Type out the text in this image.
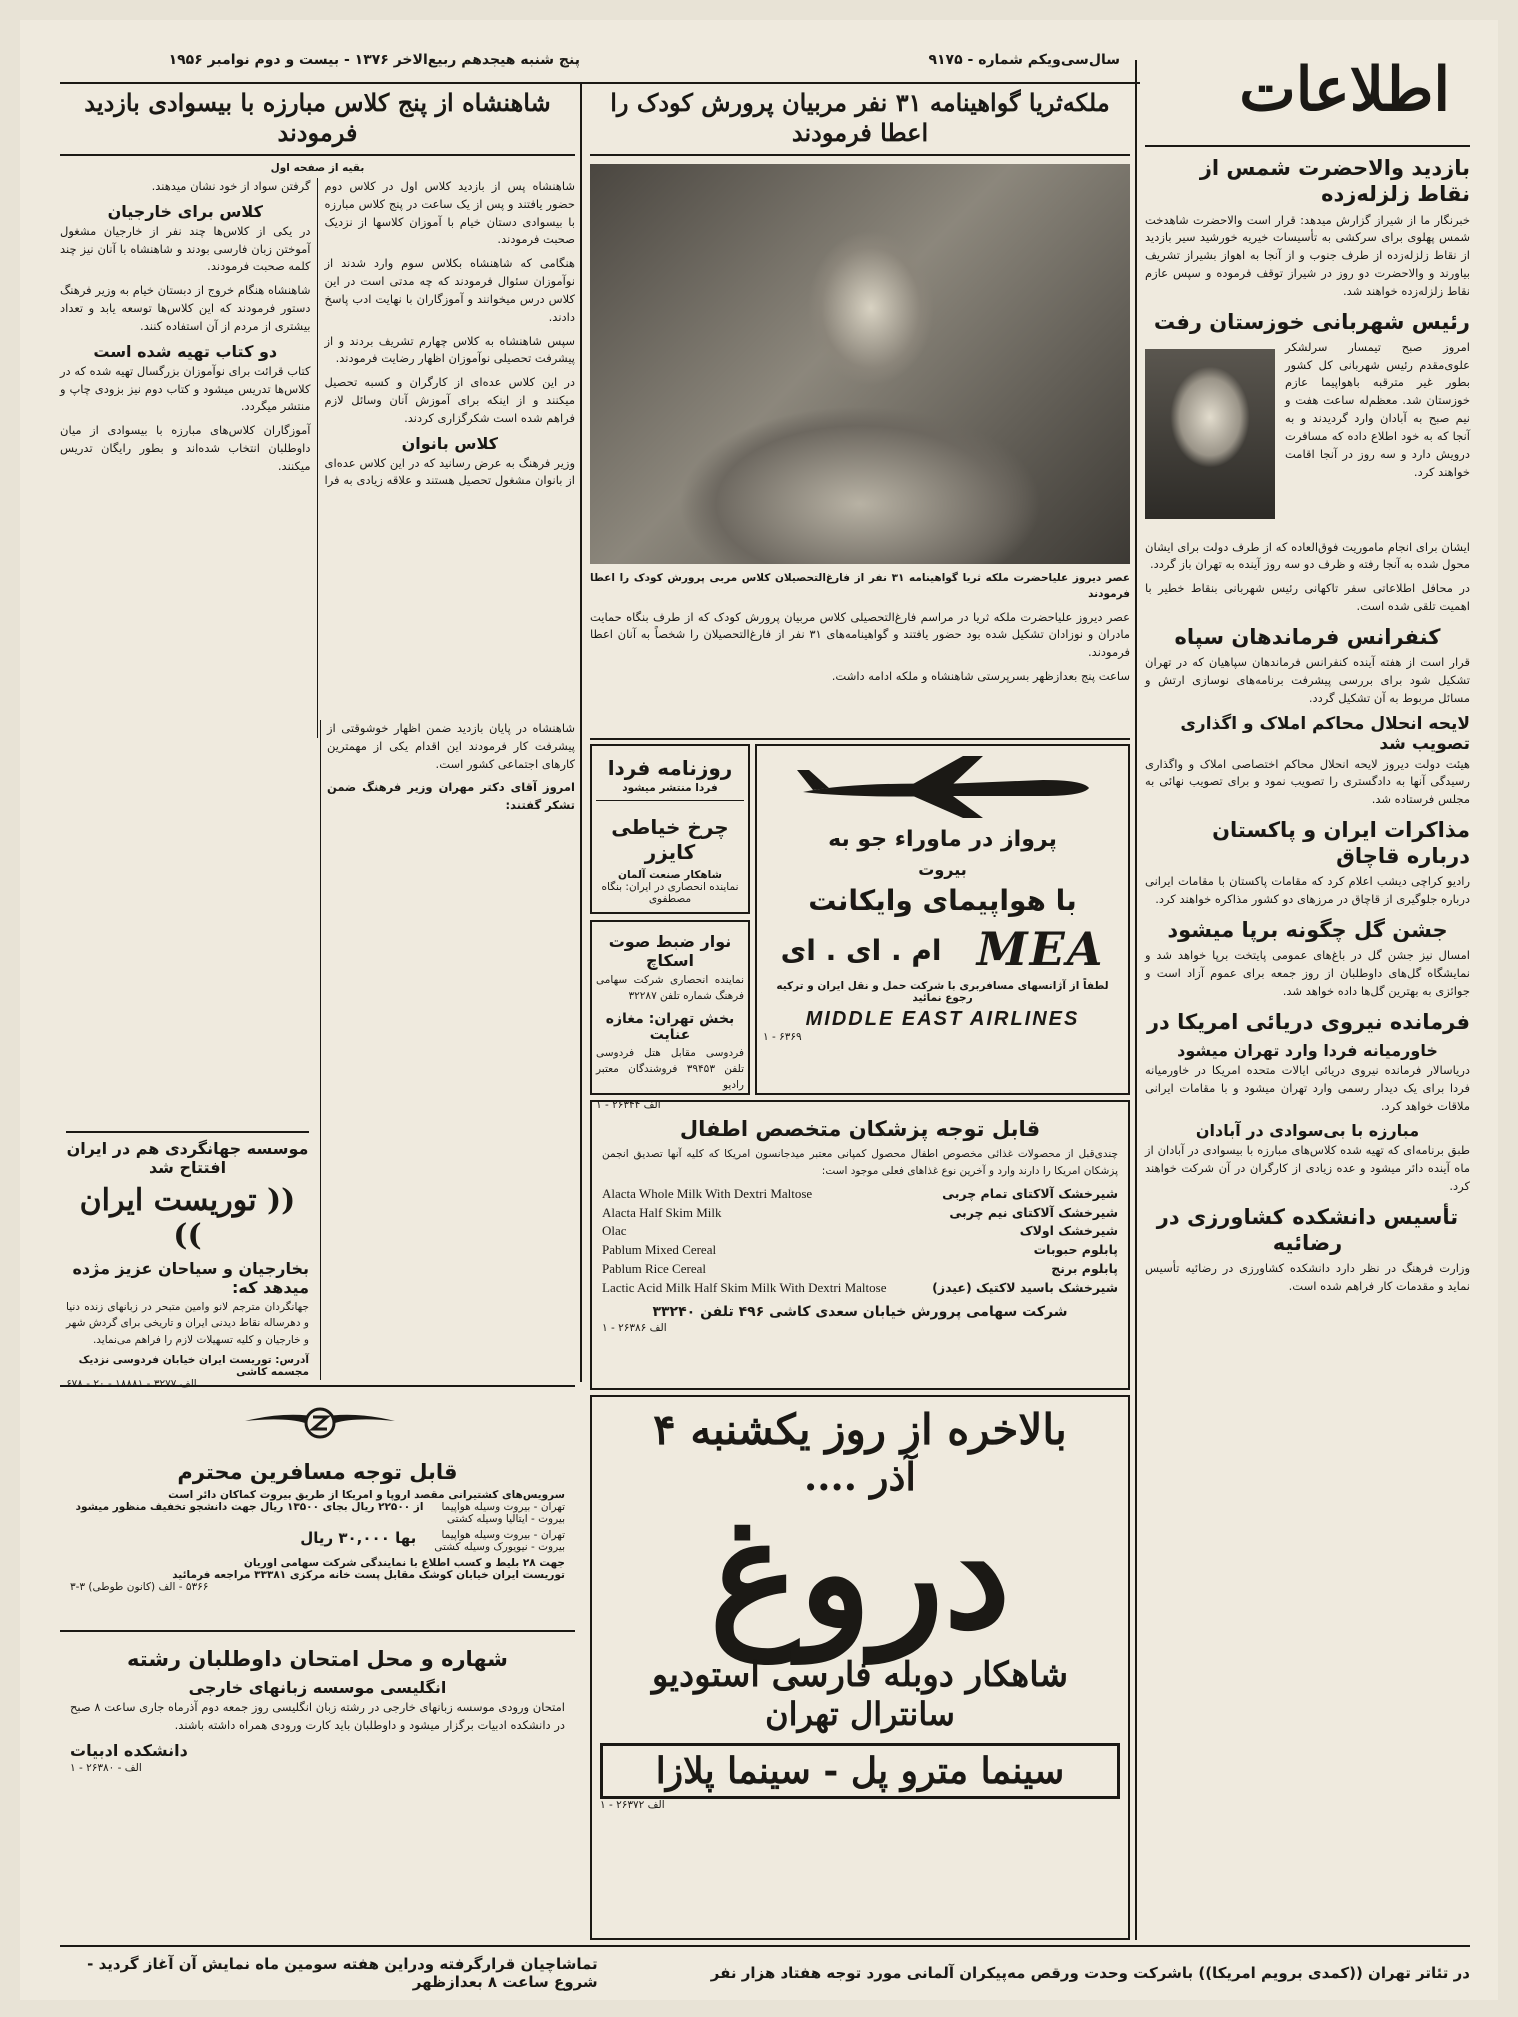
اطلاعات
سال‌سی‌ویکم شماره - ۹۱۷۵
پنج شنبه هیجدهم ربیع‌الاخر ۱۳۷۶ - بیست و دوم نوامبر ۱۹۵۶
بازدید والاحضرت شمس از نقاط زلزله‌زده

خبرنگار ما از شیراز گزارش میدهد: قرار است والاحضرت شاهدخت شمس پهلوی برای سرکشی به تأسیسات خیریه خورشید سیر بازدید از نقاط زلزله‌زده از طرف جنوب و از آنجا به اهواز بشیراز تشریف بیاورند و والاحضرت دو روز در شیراز توقف فرموده و سپس عازم نقاط زلزله‌زده خواهند شد.

رئیس شهربانی خوزستان رفت

امروز صبح تیمسار سرلشکر علوی‌مقدم رئیس شهربانی کل کشور بطور غیر مترقبه باهواپیما عازم خوزستان شد. معظم‌له ساعت هفت و نیم صبح به آبادان وارد گردیدند و به آنجا که به خود اطلاع داده که مسافرت درویش دارد و سه روز در آنجا اقامت خواهند کرد.

ایشان برای انجام ماموریت فوق‌العاده که از طرف دولت برای ایشان محول شده به آنجا رفته و ظرف دو سه روز آینده به تهران باز گردد.

در محافل اطلاعاتی سفر تاکهانی رئیس شهربانی بنقاط خطیر با اهمیت تلقی شده است.

کنفرانس فرماندهان سپاه

قرار است از هفته آینده کنفرانس فرماندهان سپاهیان که در تهران تشکیل شود برای بررسی پیشرفت برنامه‌های نوسازی ارتش و مسائل مربوط به آن تشکیل گردد.

لایحه انحلال محاکم املاک و اگذاری تصویب شد

هیئت دولت دیروز لایحه انحلال محاکم اختصاصی املاک و واگذاری رسیدگی آنها به دادگستری را تصویب نمود و برای تصویب نهائی به مجلس فرستاده شد.

مذاکرات ایران و پاکستان درباره قاچاق

رادیو کراچی دیشب اعلام کرد که مقامات پاکستان با مقامات ایرانی درباره جلوگیری از قاچاق در مرزهای دو کشور مذاکره خواهند کرد.

جشن گل چگونه برپا میشود

امسال نیز جشن گل در باغ‌های عمومی پایتخت برپا خواهد شد و نمایشگاه گل‌های داوطلبان از روز جمعه برای عموم آزاد است و جوائزی به بهترین گل‌ها داده خواهد شد.

فرمانده نیروی دریائی امریکا در
خاورمیانه فردا وارد تهران میشود

دریاسالار فرمانده نیروی دریائی ایالات متحده امریکا در خاورمیانه فردا برای یک دیدار رسمی وارد تهران میشود و با مقامات ایرانی ملاقات خواهد کرد.

مبارزه با بی‌سوادی در آبادان

طبق برنامه‌ای که تهیه شده کلاس‌های مبارزه با بیسوادی در آبادان از ماه آینده دائر میشود و عده زیادی از کارگران در آن شرکت خواهند کرد.

تأسیس دانشکده کشاورزی در رضائیه

وزارت فرهنگ در نظر دارد دانشکده کشاورزی در رضائیه تأسیس نماید و مقدمات کار فراهم شده است.

ملکه‌ثریا گواهینامه ۳۱ نفر مربیان پرورش کودک را اعطا فرمودند

عصر دیروز علیاحضرت ملکه ثریا گواهینامه ۳۱ نفر از فارغ‌التحصیلان کلاس مربی پرورش کودک را اعطا فرمودند

عصر دیروز علیاحضرت ملکه ثریا در مراسم فارغ‌التحصیلی کلاس مربیان پرورش کودک که از طرف بنگاه حمایت مادران و نوزادان تشکیل شده بود حضور یافتند و گواهینامه‌های ۳۱ نفر از فارغ‌التحصیلان را شخصاً به آنان اعطا فرمودند.

ساعت پنج بعدازظهر بسرپرستی شاهنشاه و ملکه ادامه داشت.

شاهنشاه از پنج کلاس مبارزه با بیسوادی بازدید فرمودند
بقیه از صفحه اول

شاهنشاه پس از بازدید کلاس اول در کلاس دوم حضور یافتند و پس از یک ساعت در پنج کلاس مبارزه با بیسوادی دستان خیام با آموزان کلاسها از نزدیک صحبت فرمودند.

هنگامی که شاهنشاه بکلاس سوم وارد شدند از نوآموزان سئوال فرمودند که چه مدتی است در این کلاس درس میخوانند و آموزگاران با نهایت ادب پاسخ دادند.

سپس شاهنشاه به کلاس چهارم تشریف بردند و از پیشرفت تحصیلی نوآموزان اظهار رضایت فرمودند.

در این کلاس عده‌ای از کارگران و کسبه تحصیل میکنند و از اینکه برای آموزش آنان وسائل لازم فراهم شده است شکرگزاری کردند.

کلاس بانوان

وزیر فرهنگ به عرض رسانید که در این کلاس عده‌ای از بانوان مشغول تحصیل هستند و علاقه زیادی به فرا گرفتن سواد از خود نشان میدهند.

کلاس برای خارجیان

در یکی از کلاس‌ها چند نفر از خارجیان مشغول آموختن زبان فارسی بودند و شاهنشاه با آنان نیز چند کلمه صحبت فرمودند.

شاهنشاه هنگام خروج از دبستان خیام به وزیر فرهنگ دستور فرمودند که این کلاس‌ها توسعه یابد و تعداد بیشتری از مردم از آن استفاده کنند.

دو کتاب تهیه شده است

کتاب قرائت برای نوآموزان بزرگسال تهیه شده که در کلاس‌ها تدریس میشود و کتاب دوم نیز بزودی چاپ و منتشر میگردد.

آموزگاران کلاس‌های مبارزه با بیسوادی از میان داوطلبان انتخاب شده‌اند و بطور رایگان تدریس میکنند.

شاهنشاه در پایان بازدید ضمن اظهار خوشوقتی از پیشرفت کار فرمودند این اقدام یکی از مهمترین کارهای اجتماعی کشور است.

امروز آقای دکتر مهران وزیر فرهنگ ضمن تشکر گفتند:

موسسه جهانگردی هم در ایران افتتاح شد
(( توریست ایران ))
بخارجیان و سیاحان عزیز مژده میدهد که:

جهانگردان مترجم لانو وامین متبحر در زبانهای زنده دنیا و دهرساله نقاط دیدنی ایران و تاریخی برای گردش شهر و خارجیان و کلیه تسهیلات لازم را فراهم می‌نماید.

آدرس: توریست ایران خیابان فردوسی نزدیک مجسمه کاشی
۶۷۸ - الف ۳۲۷۷ - ۱۸۸۸۱ - ۲۰
قابل توجه مسافرین محترم
سرویس‌های کشتیرانی مقصد اروپا و امریکا از طریق بیروت کماکان دائر است
تهران - بیروت وسیله هواپیما
بیروت - ایتالیا وسیله کشتی
از ۲۲۵۰۰ ریال بجای ۱۳۵۰۰ ریال جهت دانشجو تخفیف منظور میشود
تهران - بیروت وسیله هواپیما
بیروت - نیویورک وسیله کشتی
بها ۳۰,۰۰۰ ریال
جهت ۲۸ بلیط و کسب اطلاع با نمایندگی شرکت سهامی اوریان
توریست ایران خیابان کوشک مقابل پست خانه مرکزی ۳۳۳۸۱ مراجعه فرمائید
۳-۳ (کانون طوطی) ۵۳۶۶ - الف
شهاره و محل امتحان داوطلبان رشته
انگلیسی موسسه زبانهای خارجی

امتحان ورودی موسسه زبانهای خارجی در رشته زبان انگلیسی روز جمعه دوم آذرماه جاری ساعت ۸ صبح در دانشکده ادبیات برگزار میشود و داوطلبان باید کارت ورودی همراه داشته باشند.

دانشکده ادبیات
۱ - ۲۶۳۸۰ - الف
روزنامه فردا
فردا منتشر میشود
چرخ خیاطی کایزر
شاهکار صنعت آلمان
نماینده انحصاری در ایران: بنگاه مصطفوی
نوار ضبط صوت اسکاچ

نماینده انحصاری شرکت سهامی فرهنگ شماره تلفن ۳۲۲۸۷

بخش تهران: مغازه عنایت

فردوسی مقابل هتل فردوسی تلفن ۳۹۴۵۳ فروشندگان معتبر رادیو

۱ - ۲۶۳۴۴ الف
پرواز در ماوراء جو به
بیروت
با هواپیمای وایکانت
MEA
ام . ای . ای
لطفاً از آژانسهای مسافربری با شرکت حمل و نقل ایران و ترکیه رجوع نمائید
MIDDLE EAST AIRLINES
۱ - ۶۳۶۹
قابل توجه پزشکان متخصص اطفال

چندی‌قبل از محصولات غذائی مخصوص اطفال محصول کمپانی معتبر میدجانسون امریکا که کلیه آنها تصدیق انجمن پزشکان امریکا را دارند وارد و آخرین نوع غذاهای فعلی موجود است:

شیرخشک آلاکتای تمام چربی
Alacta Whole Milk With Dextri Maltose
شیرخشک آلاکتای نیم چربی
Alacta Half Skim Milk
شیرخشک اولاک
Olac
پابلوم حبوبات
Pablum Mixed Cereal
پابلوم برنج
Pablum Rice Cereal
شیرخشک باسید لاکتیک (عیدز)
Lactic Acid Milk Half Skim Milk With Dextri Maltose
شرکت سهامی پرورش خیابان سعدی کاشی ۴۹۶ تلفن ۳۳۲۴۰
۱ - ۲۶۳۸۶ الف
بالاخره از روز یکشنبه ۴
آذر ....
دروغ
شاهکار دوبله فارسی استودیو
سانترال تهران
سینما مترو پل - سینما پلازا
۱ - ۲۶۳۷۲ الف
در تئاتر تهران ((کمدی برویم امریکا)) باشرکت وحدت ورقص مه‌پیکران آلمانی مورد توجه هفتاد هزار نفر
تماشاچیان قرارگرفته ودراین هفته سومین ماه نمایش آن آغاز گردید - شروع ساعت ۸ بعدازظهر
